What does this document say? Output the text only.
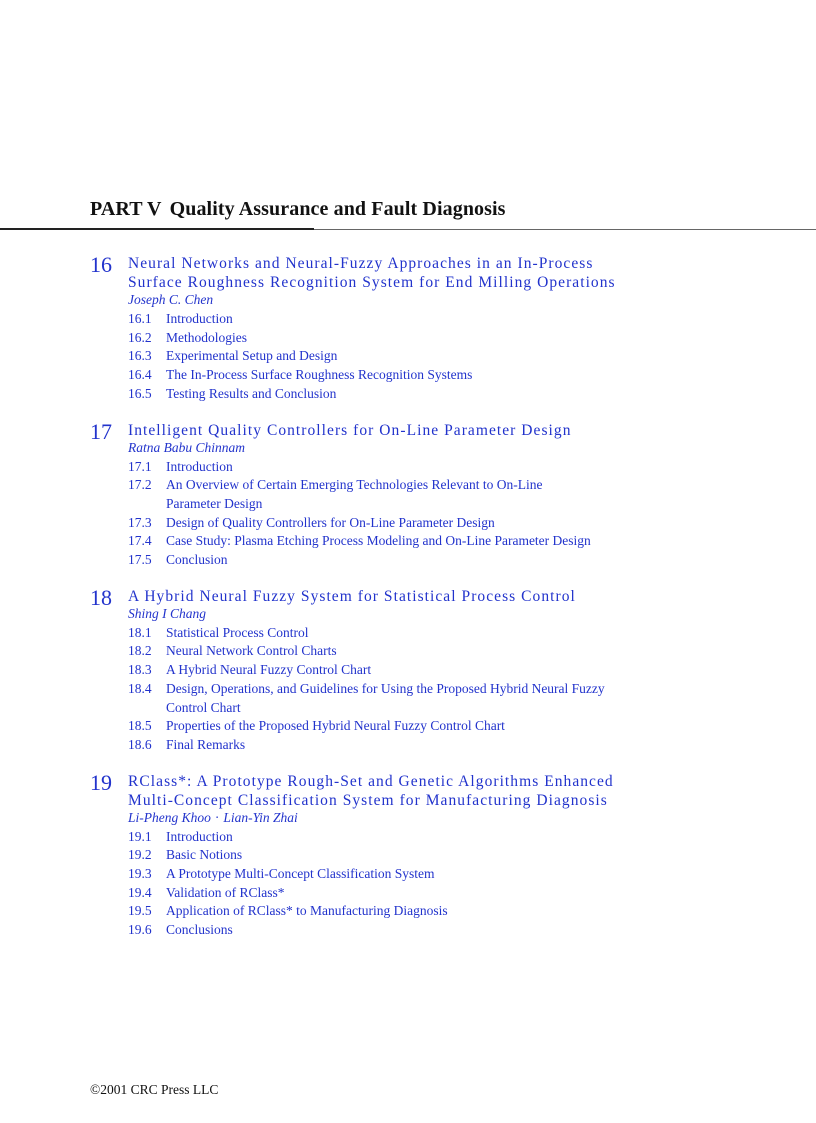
PART V Quality Assurance and Fault Diagnosis
16 Neural Networks and Neural-Fuzzy Approaches in an In-Process
Surface Roughness Recognition System for End Milling Operations
Joseph C. Chen
16.1 Introduction
16.2 Methodologies
16.3 Experimental Setup and Design
16.4 The In-Process Surface Roughness Recognition Systems
16.5 Testing Results and Conclusion
17 Intelligent Quality Controllers for On-Line Parameter Design
Ratna Babu Chinnam
17.1 Introduction
17.2 An Overview of Certain Emerging Technologies Relevant to On-Line
Parameter Design
17.3 Design of Quality Controllers for On-Line Parameter Design
17.4 Case Study: Plasma Etching Process Modeling and On-Line Parameter Design
17.5 Conclusion
18 A Hybrid Neural Fuzzy System for Statistical Process Control
Shing I Chang
18.1 Statistical Process Control
18.2 Neural Network Control Charts
18.3 A Hybrid Neural Fuzzy Control Chart
18.4 Design, Operations, and Guidelines for Using the Proposed Hybrid Neural Fuzzy
Control Chart
18.5 Properties of the Proposed Hybrid Neural Fuzzy Control Chart
18.6 Final Remarks
19 RClass*: A Prototype Rough-Set and Genetic Algorithms Enhanced
Multi-Concept Classification System for Manufacturing Diagnosis
Li-Pheng Khoo · Lian-Yin Zhai
19.1 Introduction
19.2 Basic Notions
19.3 A Prototype Multi-Concept Classification System
19.4 Validation of RClass*
19.5 Application of RClass* to Manufacturing Diagnosis
19.6 Conclusions
©2001 CRC Press LLC
